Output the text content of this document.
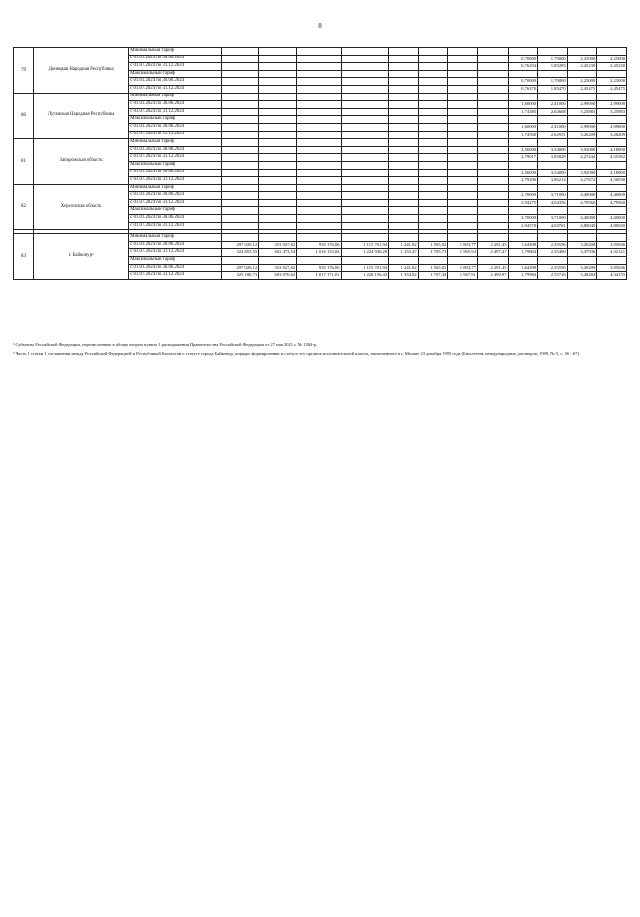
8
79	Донецкая Народная Республика	Минимальный тариф												
		с 01.01.2024 по 30.06.2024									0,70000	1,70000	2,25000	2,25000
		с 01.07.2024 по 31.12.2024									0,76294	1,85285	2,45230	2,45230
		Максимальный тариф												
		с 01.01.2024 по 30.06.2024									0,70000	1,70000	2,25000	2,25000
		с 01.07.2024 по 31.12.2024									0,76370	1,85470	2,45475	2,45475
80	Луганская Народная Республика	Минимальный тариф												
		с 01.01.2024 по 30.06.2024									1,60000	2,41000	2,99000	2,99000
		с 01.07.2024 по 31.12.2024									1,74385	2,62668	3,25883	3,25883
		Максимальный тариф												
		с 01.01.2024 по 30.06.2024									1,60000	2,41000	2,99000	2,99000
		с 01.07.2024 по 31.12.2024									1,74560	2,62931	3,26209	3,26209
81	Запорожская область	Минимальный тариф												
		с 01.01.2024 по 30.06.2024									2,56000	3,54000	3,92000	4,18000
		с 01.07.2024 по 31.12.2024									2,79017	3,85828	4,27244	4,55582
		Максимальный тариф												
		с 01.01.2024 по 30.06.2024									2,56000	3,54000	3,92000	4,18000
		с 01.07.2024 по 31.12.2024									2,79296	3,86214	4,27672	4,56038
82	Херсонская область	Минимальный тариф												
		с 01.01.2024 по 30.06.2024									2,70000	3,71000	4,40000	4,40000
		с 01.07.2024 по 31.12.2024									2,94275	4,04356	4,79560	4,79560
		Максимальный тариф												
		с 01.01.2024 по 30.06.2024									2,70000	3,71000	4,40000	4,40000
		с 01.07.2024 по 31.12.2024									2,94570	4,04761	4,80040	4,80040

83	г. Байконур³	Минимальный тариф												
		с 01.01.2024 по 30.06.2024	297 020,12	353 027,62	935 176,06	1 115 701,94	1 241,82	1 565,02	1 803,77	2 291,45	1,64398	2,35556	3,20208	3,95046
		с 01.07.2024 по 31.12.2024	324 855,55	602 473,54	1 016 153,84	1 224 936,28	1 353,47	1 705,73	1 965,94	2 497,47	1,79804	2,55460	3,47936	4,32121
		Максимальный тариф												
		с 01.01.2024 по 30.06.2024	297 020,12	353 027,62	935 176,06	1 115 701,94	1 241,82	1 565,02	1 803,77	2 291,45	1,64398	2,35556	3,20208	3,95046
		с 01.07.2024 по 31.12.2024	325 180,73	603 076,62	1 017 171,01	1 226 156,43	1 354,82	1 707,44	1 967,91	2 499,97	1,79984	2,55716	3,48284	4,34155

² Субъекты Российской Федерации, перечисленные в абзаце втором пункта 1 распоряжения Правительства Российской Федерации от 27 мая 2021 г. № 1384-р.

³ Часть 1 статьи 1 соглашения между Российской Федерацией и Республикой Казахстан о статусе города Байконур, порядке формирования и статусе его органов исполнительной власти, заключенного в г. Москве 23 декабря 1995 года (Бюллетень международных договоров, 1999, № 5, с. 56 - 67).
